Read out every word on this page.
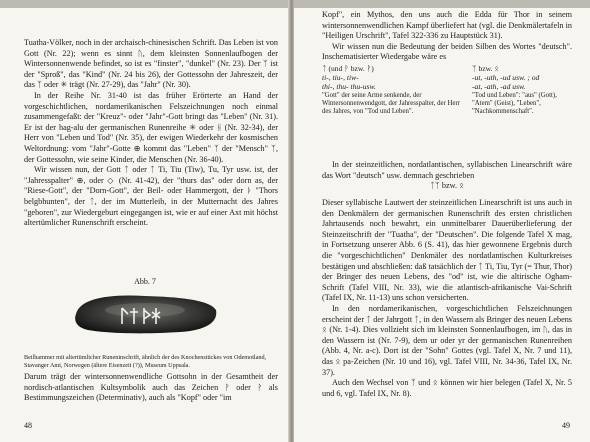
Tuatha-Völker, noch in der archaisch-chinesischen Schrift. Das Leben ist von Gott (Nr. 22); wenn es sinnt ᚢ, dem kleinsten Sonnenlaufbogen der Wintersonnenwende befindet, so ist es "finster", "dunkel" (Nr. 23). Der ᛉ ist der "Sproß", das "Kind" (Nr. 24 bis 26), der Gottessohn der Jahreszeit, der das ᛉ oder ✳ trägt (Nr. 27-29), das "Jahr" (Nr. 30).

In der Reihe Nr. 31-40 ist das früher Erörterte an Hand der vorgeschichtlichen, nordamerikanischen Felszeichnungen noch einmal zusammengefaßt: der "Kreuz"- oder "Jahr"-Gott bringt das "Leben" (Nr. 31). Er ist der hag-alu der germanischen Runenreihe ✳ oder ᚺ (Nr. 32-34), der Herr von "Leben und Tod" (Nr. 35), der ewigen Wiederkehr der kosmischen Weltordnung: vom "Jahr"-Gotte ⊕ kommt das "Leben" ᛉ der "Mensch" ᛉ, der Gottessohn, wie seine Kinder, die Menschen (Nr. 36-40).

Wir wissen nun, der Gott ᛏ oder ᛏ Ti, Tiu (Tiw), Tu, Tyr usw. ist, der "Jahresspalter" ⊕, oder ◇ (Nr. 41-42), der "thurs das" oder dorn as, der "Riese-Gott", der "Dorn-Gott", der Beil- oder Hammergott, der ᚦ "Thors belgbhunten", der ᛏ, der im Mutterleib, in der Mutternacht des Jahres "geboren", zur Wiedergeburt eingegangen ist, wie er auf einer Axt mit höchst altertümlicher Runenschrift erscheint.

Abb. 7
Beilhammer mit altertümlicher Runeninschrift, ähnlich der des Knochenstückes von Odemotland, Stavanger Amt, Norwegen (ältere Eisenzeit (?)), Museum Uppsala.

Darum trägt der wintersonnenwendliche Gottsohn in der Gesamtheit der nordisch-atlantischen Kultsymbolik auch das Zeichen ᚹ oder ᚹ als Bestimmungszeichen (Determinativ), auch als "Kopf" oder "im

48

Kopf", ein Mythos, den uns auch die Edda für Thor in seinem wintersonnenwendlichen Kampf überliefert hat (vgl. die Denkmälertafeln in "Heiligen Urschrift", Tafel 322-336 zu Hauptstück 31).

Wir wissen nun die Bedeutung der beiden Silben des Wortes "deutsch". Inschematisierter Wiedergabe wäre es

ᛏ (und ᚹ bzw. ᚹ)
ti-, tiu-, tiw-
thi-, thu- thu-usw.
"Gott" der seine Arme senkende, der Wintersonnenwendgott, der Jahresspalter, der Herr des Jahres, von "Tod und Leben".
ᛉ bzw. ᛟ
-ut, -uth, -ud usw. ; od
-at, -ath, -ad usw.
"Tod und Leben": "aus" (Gott), "Atem" (Geist), "Leben", "Nachkommenschaft".

In der steinzeitlichen, nordatlantischen, syllabischen Linearschrift wäre das Wort "deutsch" usw. demnach geschrieben

ᛏᛉ bzw. ᛟ

Dieser syllabische Lautwert der steinzeitlichen Linearschrift ist uns auch in den Denkmälern der germanischen Runenschrift des ersten christlichen Jahrtausends noch bewahrt, ein unmittelbarer Dauerüberlieferung der Steinzeitschrift der "Tuatha", der "Deutschen". Die folgende Tafel X mag, in Fortsetzung unserer Abb. 6 (S. 41), das hier gewonnene Ergebnis durch die "vorgeschichtlichen" Denkmäler des nordatlantischen Kulturkreises bestätigen und abschließen: daß tatsächlich der ᛏ Ti, Tiu, Tyr (= Thur, Thor) der Bringer des neuen Lebens, des "od" ist, wie die altirische Ogham-Schrift (Tafel VIII, Nr. 33), wie die atlantisch-afrikanische Vai-Schrift (Tafel IX, Nr. 11-13) uns schon versicherten.

In den nordamerikanischen, vorgeschichtlichen Felszeichnungen erscheint der ᛏ der Jahrgott ᛏ, in den Wassern als Bringer des neuen Lebens ᛟ (Nr. 1-4). Dies vollzieht sich im kleinsten Sonnenlaufbogen, im ᚢ, das in den Wassern ist (Nr. 7-9), dem ur oder yr der germanischen Runenreihen (Abb. 4, Nr. a-c). Dort ist der "Sohn" Gottes (vgl. Tafel X, Nr. 7 und 11), das ᛟ pa-Zeichen (Nr. 10 und 16), vgl. Tafel VIII, Nr. 34-36, Tafel IX, Nr. 37).

Auch den Wechsel von ᛉ und ᛟ können wir hier belegen (Tafel X, Nr. 5 und 6, vgl. Tafel IX, Nr. 8).

49
